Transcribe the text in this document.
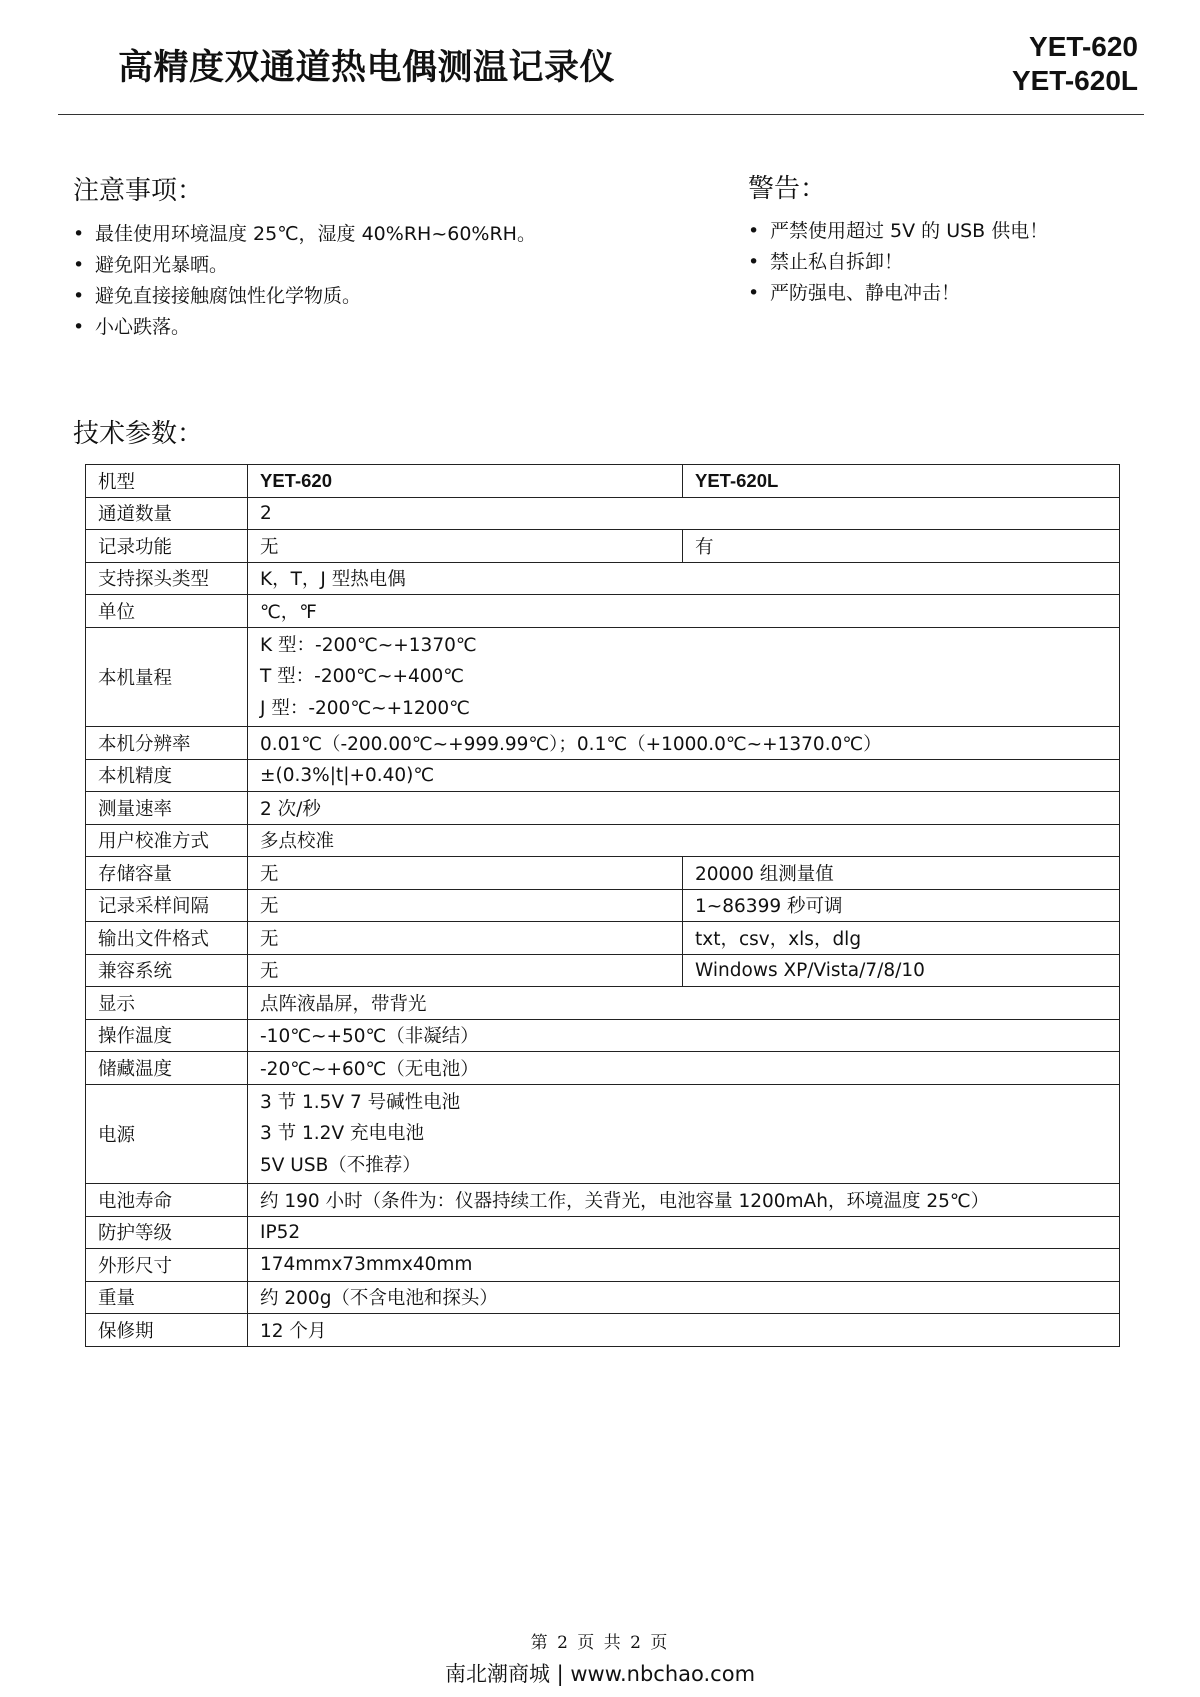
高精度双通道热电偶测温记录仪
YET-620
YET-620L
注意事项：
• 最佳使用环境温度 25℃，湿度 40%RH~60%RH。
• 避免阳光暴晒。
• 避免直接接触腐蚀性化学物质。
• 小心跌落。
警告：
• 严禁使用超过 5V 的 USB 供电！
• 禁止私自拆卸！
• 严防强电、静电冲击！
技术参数：
机型	YET-620	YET-620L
通道数量	2	
记录功能	无	有
支持探头类型	K，T，J 型热电偶	
单位	℃，℉	
本机量程	K 型：-200℃~+1370℃
T 型：-200℃~+400℃
J 型：-200℃~+1200℃	

本机分辨率	0.01℃（-200.00℃~+999.99℃）；0.1℃（+1000.0℃~+1370.0℃）	
本机精度	±(0.3%|t|+0.40)℃	
测量速率	2 次/秒	
用户校准方式	多点校准	
存储容量	无	20000 组测量值
记录采样间隔	无	1~86399 秒可调
输出文件格式	无	txt，csv，xls，dlg
兼容系统	无	Windows XP/Vista/7/8/10
显示	点阵液晶屏，带背光	
操作温度	-10℃~+50℃（非凝结）	
储藏温度	-20℃~+60℃（无电池）	
电源	3 节 1.5V 7 号碱性电池
3 节 1.2V 充电电池
5V USB（不推荐）	

电池寿命	约 190 小时（条件为：仪器持续工作，关背光，电池容量 1200mAh，环境温度 25℃）	
防护等级	IP52	
外形尺寸	174mmx73mmx40mm	
重量	约 200g（不含电池和探头）	
保修期	12 个月	
第 2 页 共 2 页
南北潮商城 | www.nbchao.com
